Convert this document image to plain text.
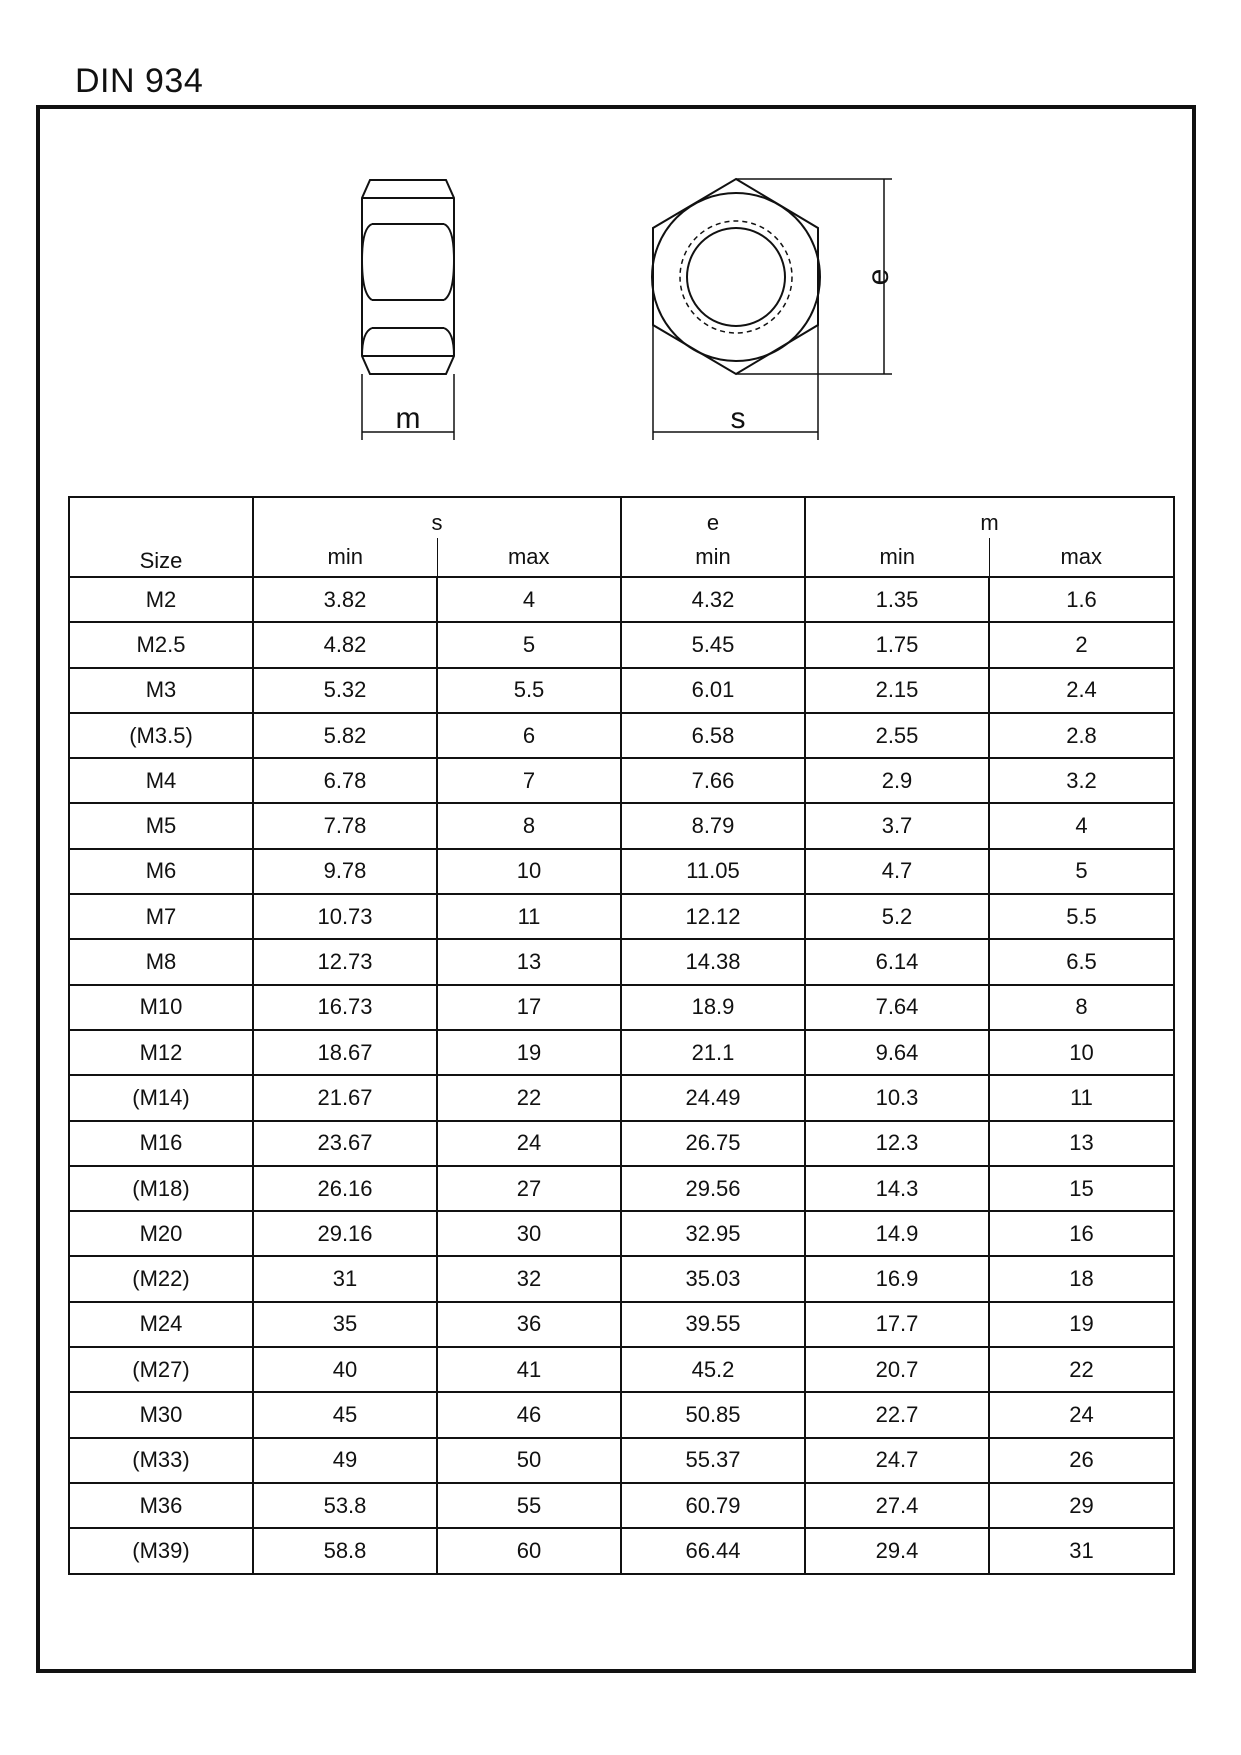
DIN 934
m	s
e
Size	s		e	m	
	min	max	min	min	max
M2	3.82	4	4.32	1.35	1.6
M2.5	4.82	5	5.45	1.75	2
M3	5.32	5.5	6.01	2.15	2.4
(M3.5)	5.82	6	6.58	2.55	2.8
M4	6.78	7	7.66	2.9	3.2
M5	7.78	8	8.79	3.7	4
M6	9.78	10	11.05	4.7	5
M7	10.73	11	12.12	5.2	5.5
M8	12.73	13	14.38	6.14	6.5
M10	16.73	17	18.9	7.64	8
M12	18.67	19	21.1	9.64	10
(M14)	21.67	22	24.49	10.3	11
M16	23.67	24	26.75	12.3	13
(M18)	26.16	27	29.56	14.3	15
M20	29.16	30	32.95	14.9	16
(M22)	31	32	35.03	16.9	18
M24	35	36	39.55	17.7	19
(M27)	40	41	45.2	20.7	22
M30	45	46	50.85	22.7	24
(M33)	49	50	55.37	24.7	26
M36	53.8	55	60.79	27.4	29
(M39)	58.8	60	66.44	29.4	31
